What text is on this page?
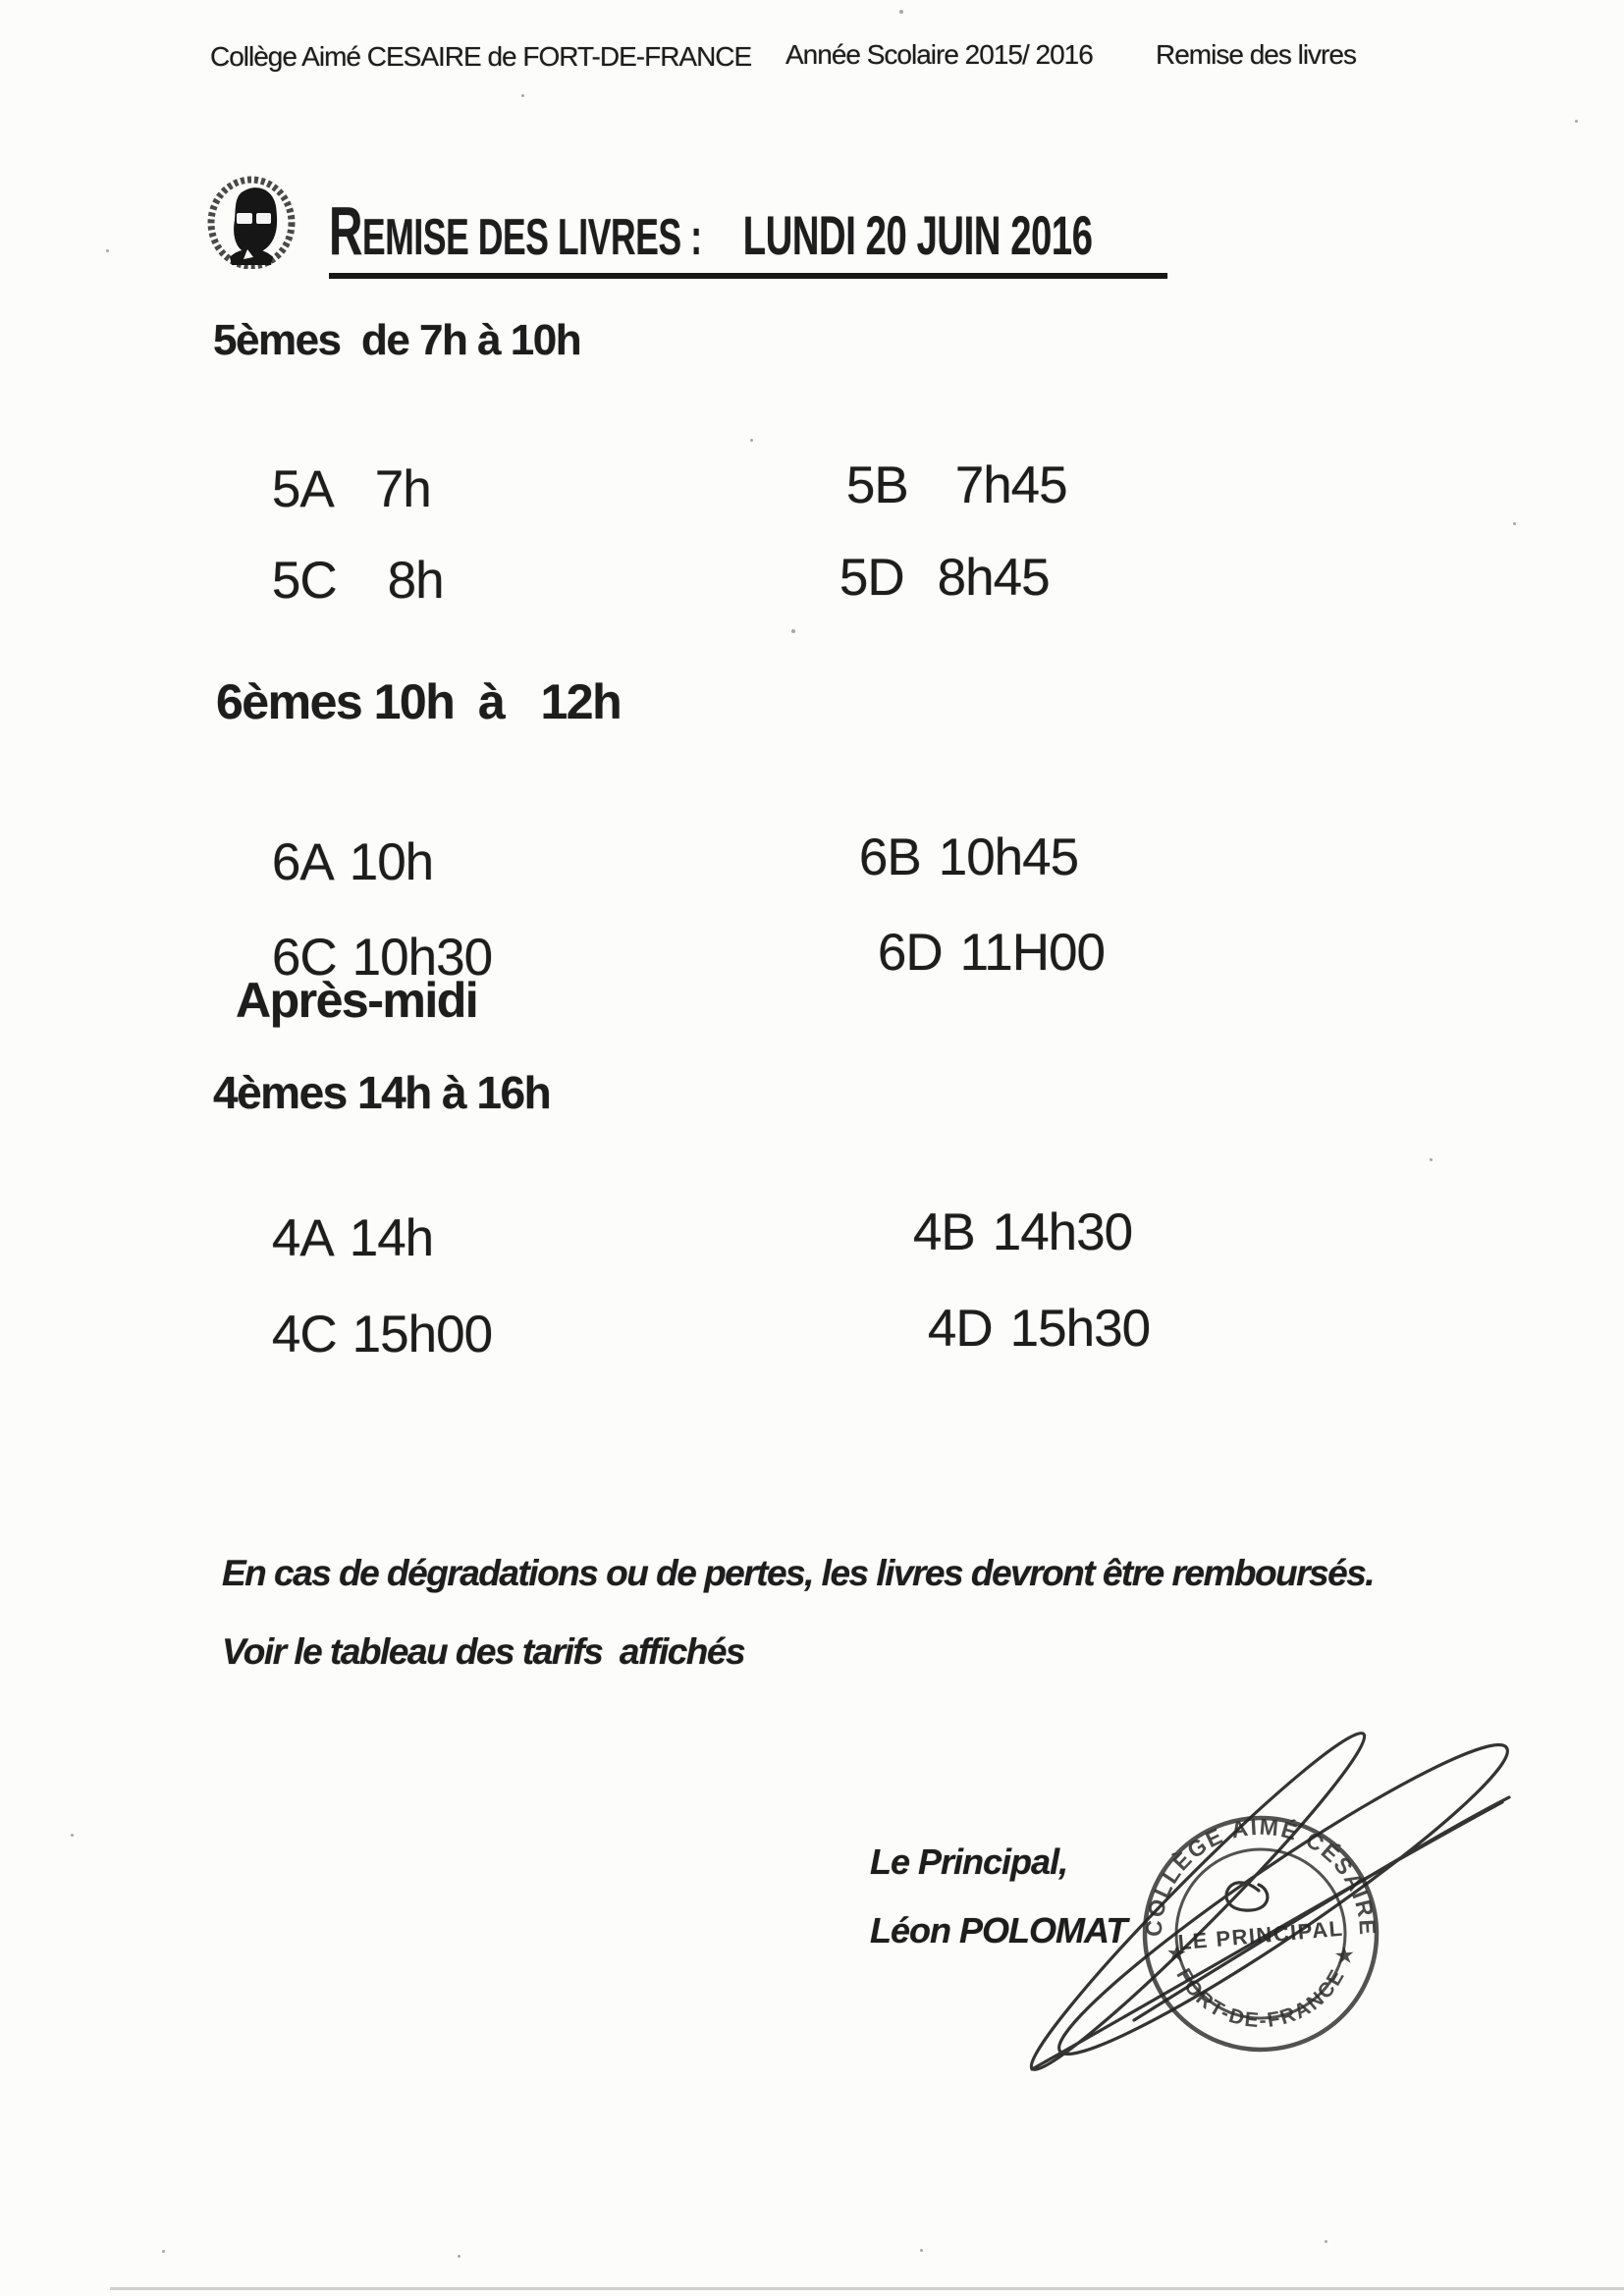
Collège Aimé CESAIRE de FORT-DE-FRANCE Année Scolaire 2015/ 2016 Remise des livres
R EMISE DES LIVRES : LUNDI 20 JUIN 2016
5èmes  de 7h à 10h

5A 7h
	5B 7h45

5C 8h
	5D 8h45

6èmes 10h  à   12h

6A 10h
	6B 10h45

6C 10h30
	6D 11H00

Après-midi
4èmes 14h à 16h

4A 14h
	4B 14h30

4C 15h00
	4D 15h30

En cas de dégradations ou de pertes, les livres devront être remboursés.
Voir le tableau des tarifs  affichés
Le Principal,
Léon POLOMAT COLLÈGE AIMÉ CÉSAIRE
★ FORT-DE-FRANCE ★
LE PRINCIPAL
